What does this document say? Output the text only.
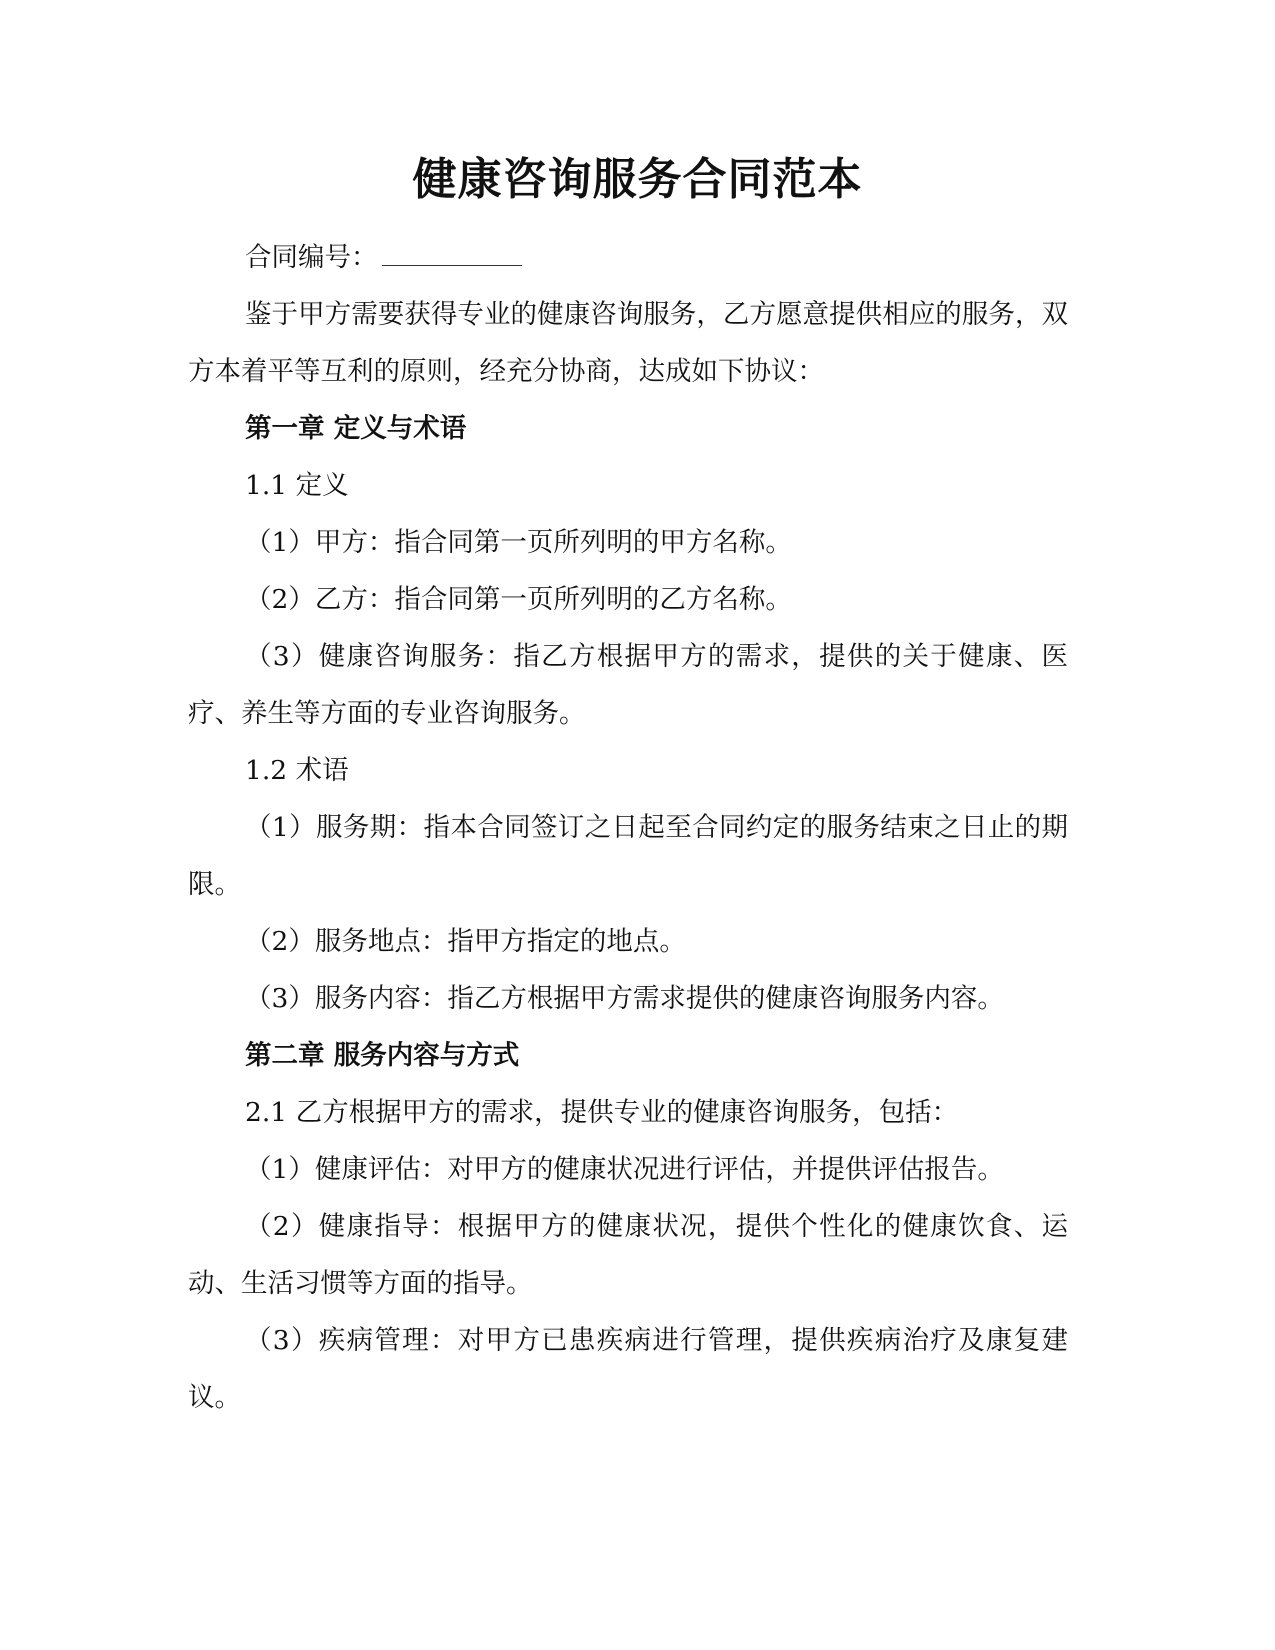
健康咨询服务合同范本

合同编号：

鉴于甲方需要获得专业的健康咨询服务，乙方愿意提供相应的服务，双方本着平等互利的原则，经充分协商，达成如下协议：

第一章 定义与术语

1.1 定义

（1）甲方：指合同第一页所列明的甲方名称。

（2）乙方：指合同第一页所列明的乙方名称。

（3）健康咨询服务：指乙方根据甲方的需求，提供的关于健康、医疗、养生等方面的专业咨询服务。

1.2 术语

（1）服务期：指本合同签订之日起至合同约定的服务结束之日止的期限。

（2）服务地点：指甲方指定的地点。

（3）服务内容：指乙方根据甲方需求提供的健康咨询服务内容。

第二章 服务内容与方式

2.1 乙方根据甲方的需求，提供专业的健康咨询服务，包括：

（1）健康评估：对甲方的健康状况进行评估，并提供评估报告。

（2）健康指导：根据甲方的健康状况，提供个性化的健康饮食、运动、生活习惯等方面的指导。

（3）疾病管理：对甲方已患疾病进行管理，提供疾病治疗及康复建议。
